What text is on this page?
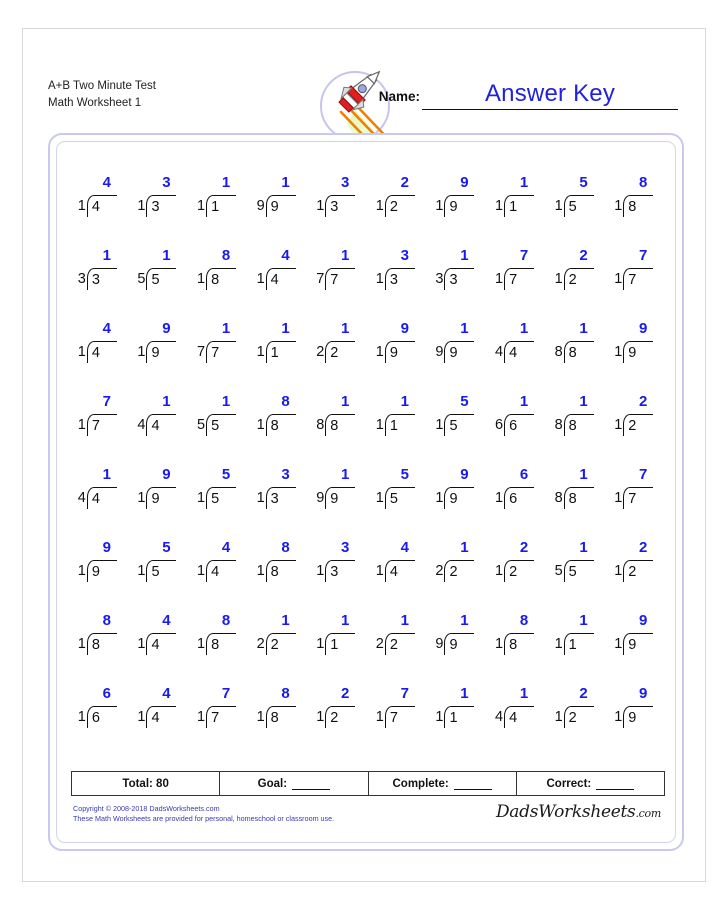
A+B Two Minute Test
Math Worksheet 1	Name:	Answer Key
4
1 4
3
1 3
1
1 1
1
9 9
3
1 3
2
1 2
9
1 9
1
1 1
5
1 5
8
1 8
1
3 3
1
5 5
8
1 8
4
1 4
1
7 7
3
1 3
1
3 3
7
1 7
2
1 2
7
1 7
4
1 4
9
1 9
1
7 7
1
1 1
1
2 2
9
1 9
1
9 9
1
4 4
1
8 8
9
1 9
7
1 7
1
4 4
1
5 5
8
1 8
1
8 8
1
1 1
5
1 5
1
6 6
1
8 8
2
1 2
1
4 4
9
1 9
5
1 5
3
1 3
1
9 9
5
1 5
9
1 9
6
1 6
1
8 8
7
1 7
9
1 9
5
1 5
4
1 4
8
1 8
3
1 3
4
1 4
1
2 2
2
1 2
1
5 5
2
1 2
8
1 8
4
1 4
8
1 8
1
2 2
1
1 1
1
2 2
1
9 9
8
1 8
1
1 1
9
1 9
6
1 6
4
1 4
7
1 7
8
1 8
2
1 2
7
1 7
1
1 1
1
4 4
2
1 2
9
1 9
Total: 80	Goal:	Complete:	Correct:
Copyright © 2008-2018 DadsWorksheets.com
These Math Worksheets are provided for personal, homeschool or classroom use.	DadsWorksheets.com
